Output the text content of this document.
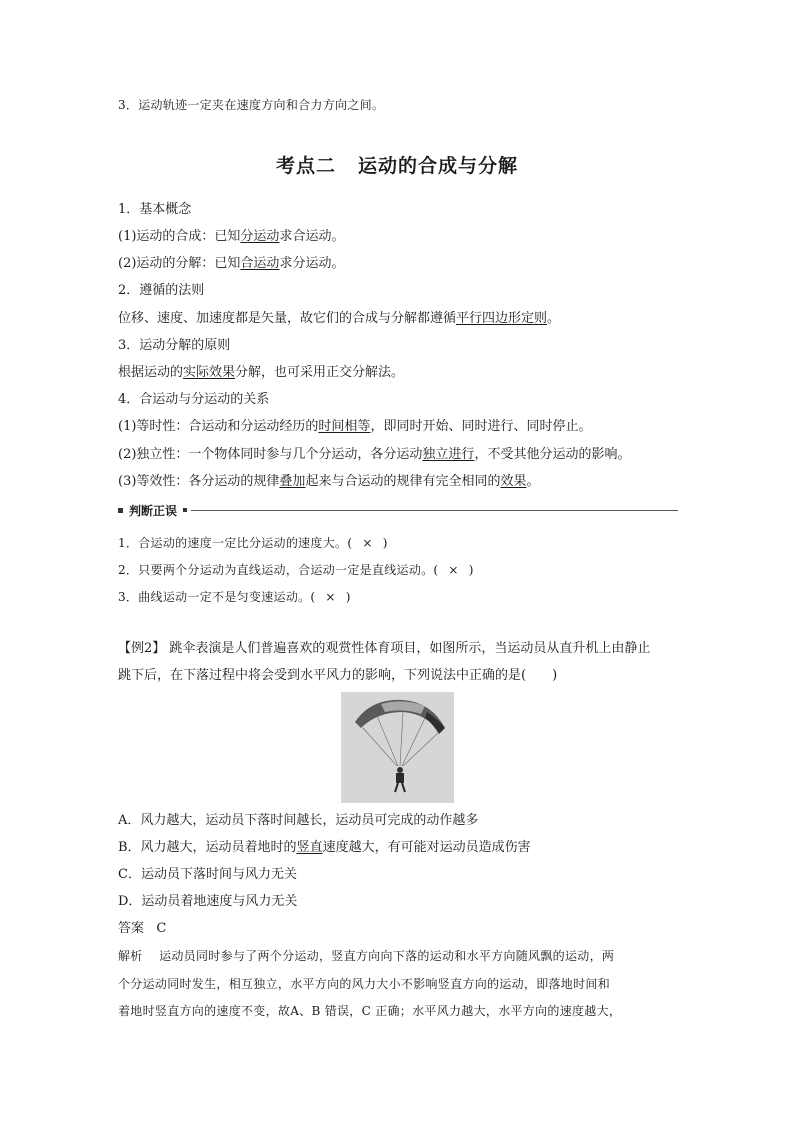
3．运动轨迹一定夹在速度方向和合力方向之间。
考点二 运动的合成与分解
1．基本概念
(1)运动的合成：已知分运动求合运动。
(2)运动的分解：已知合运动求分运动。
2．遵循的法则
位移、速度、加速度都是矢量，故它们的合成与分解都遵循平行四边形定则。
3．运动分解的原则
根据运动的实际效果分解，也可采用正交分解法。
4．合运动与分运动的关系
(1)等时性：合运动和分运动经历的时间相等，即同时开始、同时进行、同时停止。
(2)独立性：一个物体同时参与几个分运动，各分运动独立进行，不受其他分运动的影响。
(3)等效性：各分运动的规律叠加起来与合运动的规律有完全相同的效果。
判断正误
1．合运动的速度一定比分运动的速度大。( × )
2．只要两个分运动为直线运动，合运动一定是直线运动。( × )
3．曲线运动一定不是匀变速运动。( × )
【例2】 跳伞表演是人们普遍喜欢的观赏性体育项目，如图所示，当运动员从直升机上由静止
跳下后，在下落过程中将会受到水平风力的影响，下列说法中正确的是(　　)
A．风力越大，运动员下落时间越长，运动员可完成的动作越多
B．风力越大，运动员着地时的竖直速度越大，有可能对运动员造成伤害
C．运动员下落时间与风力无关
D．运动员着地速度与风力无关
答案 C
解析 运动员同时参与了两个分运动，竖直方向向下落的运动和水平方向随风飘的运动，两
个分运动同时发生，相互独立，水平方向的风力大小不影响竖直方向的运动，即落地时间和
着地时竖直方向的速度不变，故A、B 错误，C 正确；水平风力越大，水平方向的速度越大，
